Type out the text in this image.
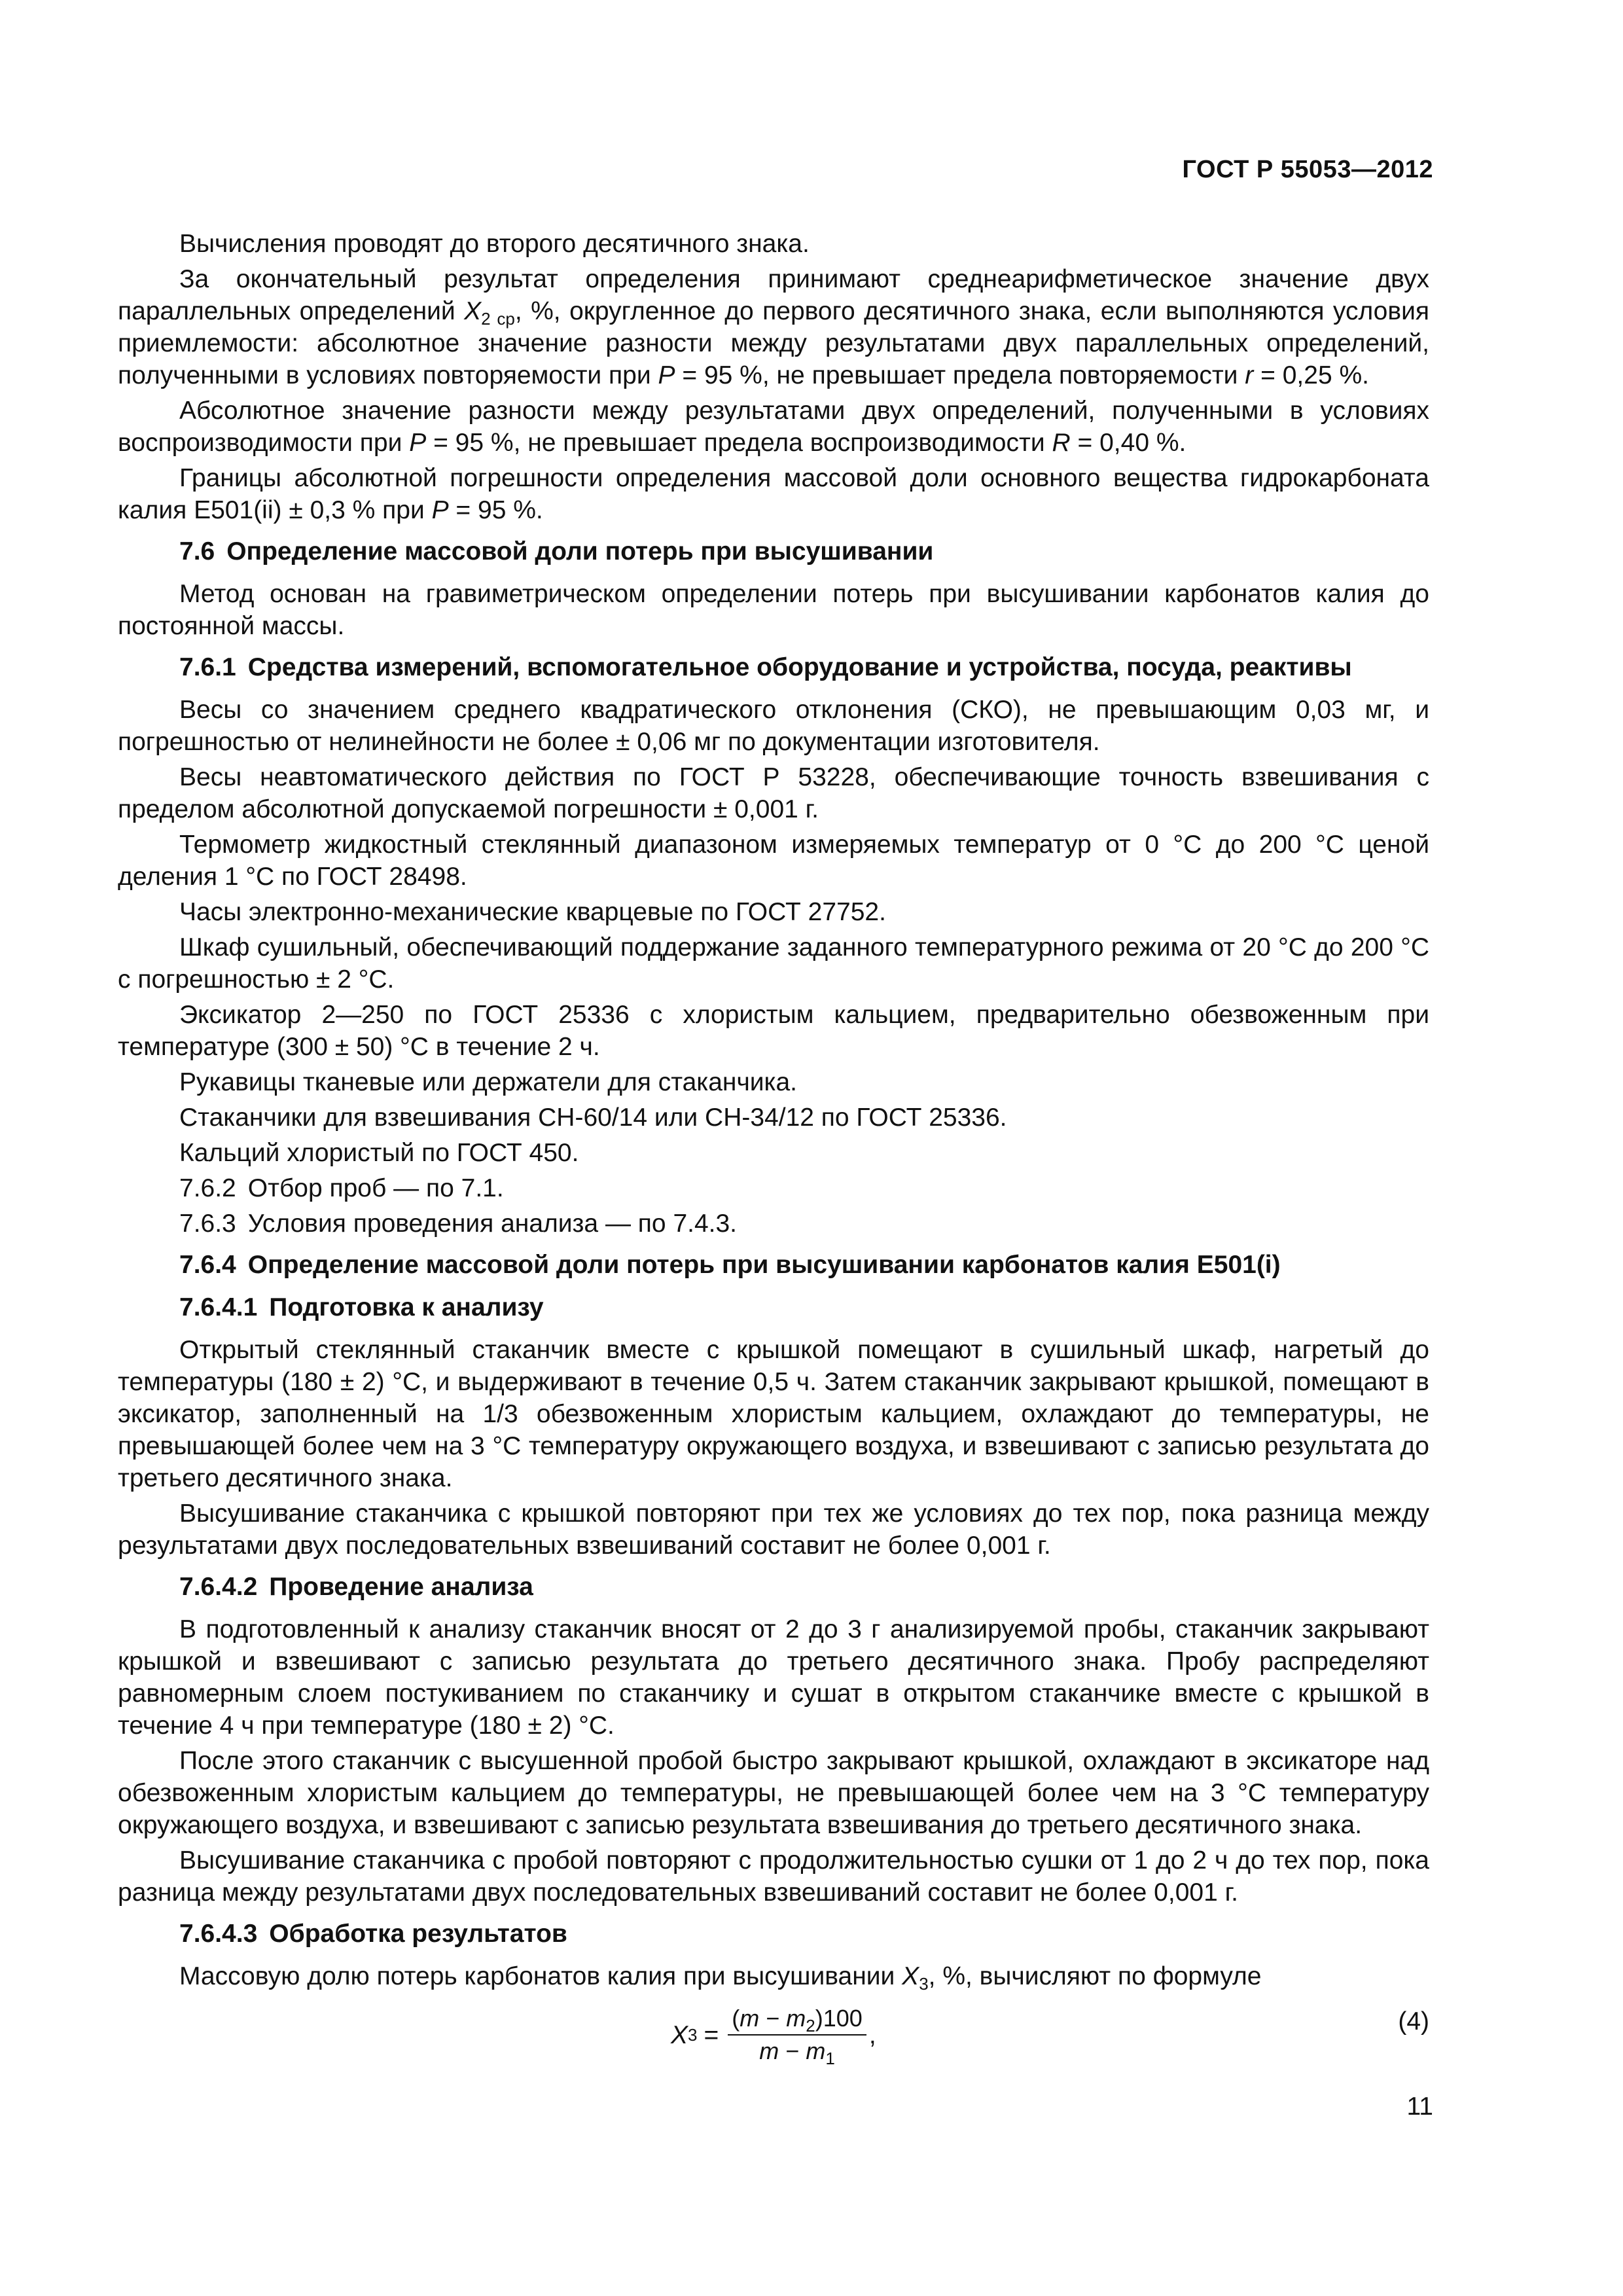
ГОСТ Р 55053—2012

Вычисления проводят до второго десятичного знака.

За окончательный результат определения принимают среднеарифметическое значение двух параллельных определений $X_{2 ср}$, %, округленное до первого десятичного знака, если выполняются условия приемлемости: абсолютное значение разности между результатами двух параллельных определений, полученными в условиях повторяемости при P = 95 %, не превышает предела повторяемости r = 0,25 %.

Абсолютное значение разности между результатами двух определений, полученными в условиях воспроизводимости при P = 95 %, не превышает предела воспроизводимости R = 0,40 %.

Границы абсолютной погрешности определения массовой доли основного вещества гидрокарбоната калия Е501(ii) ± 0,3 % при P = 95 %.

7.6 Определение массовой доли потерь при высушивании

Метод основан на гравиметрическом определении потерь при высушивании карбонатов калия до постоянной массы.

7.6.1 Средства измерений, вспомогательное оборудование и устройства, посуда, реактивы

Весы со значением среднего квадратического отклонения (СКО), не превышающим 0,03 мг, и погрешностью от нелинейности не более ± 0,06 мг по документации изготовителя.

Весы неавтоматического действия по ГОСТ Р 53228, обеспечивающие точность взвешивания с пределом абсолютной допускаемой погрешности ± 0,001 г.

Термометр жидкостный стеклянный диапазоном измеряемых температур от 0 °С до 200 °С ценой деления 1 °С по ГОСТ 28498.

Часы электронно-механические кварцевые по ГОСТ 27752.

Шкаф сушильный, обеспечивающий поддержание заданного температурного режима от 20 °С до 200 °С с погрешностью ± 2 °С.

Эксикатор 2—250 по ГОСТ 25336 с хлористым кальцием, предварительно обезвоженным при температуре (300 ± 50) °С в течение 2 ч.

Рукавицы тканевые или держатели для стаканчика.

Стаканчики для взвешивания СН-60/14 или СН-34/12 по ГОСТ 25336.

Кальций хлористый по ГОСТ 450.

7.6.2 Отбор проб — по 7.1.

7.6.3 Условия проведения анализа — по 7.4.3.

7.6.4 Определение массовой доли потерь при высушивании карбонатов калия Е501(i)
7.6.4.1 Подготовка к анализу

Открытый стеклянный стаканчик вместе с крышкой помещают в сушильный шкаф, нагретый до температуры (180 ± 2) °С, и выдерживают в течение 0,5 ч. Затем стаканчик закрывают крышкой, помещают в эксикатор, заполненный на 1/3 обезвоженным хлористым кальцием, охлаждают до температуры, не превышающей более чем на 3 °С температуру окружающего воздуха, и взвешивают с записью результата до третьего десятичного знака.

Высушивание стаканчика с крышкой повторяют при тех же условиях до тех пор, пока разница между результатами двух последовательных взвешиваний составит не более 0,001 г.

7.6.4.2 Проведение анализа

В подготовленный к анализу стаканчик вносят от 2 до 3 г анализируемой пробы, стаканчик закрывают крышкой и взвешивают с записью результата до третьего десятичного знака. Пробу распределяют равномерным слоем постукиванием по стаканчику и сушат в открытом стаканчике вместе с крышкой в течение 4 ч при температуре (180 ± 2) °С.

После этого стаканчик с высушенной пробой быстро закрывают крышкой, охлаждают в эксикаторе над обезвоженным хлористым кальцием до температуры, не превышающей более чем на 3 °С температуру окружающего воздуха, и взвешивают с записью результата взвешивания до третьего десятичного знака.

Высушивание стаканчика с пробой повторяют с продолжительностью сушки от 1 до 2 ч до тех пор, пока разница между результатами двух последовательных взвешиваний составит не более 0,001 г.

7.6.4.3 Обработка результатов

Массовую долю потерь карбонатов калия при высушивании $X_3$, %, вычисляют по формуле

X $3 = \frac{(m - m_2)100}{m - m_1}$ ,	(4)
11
